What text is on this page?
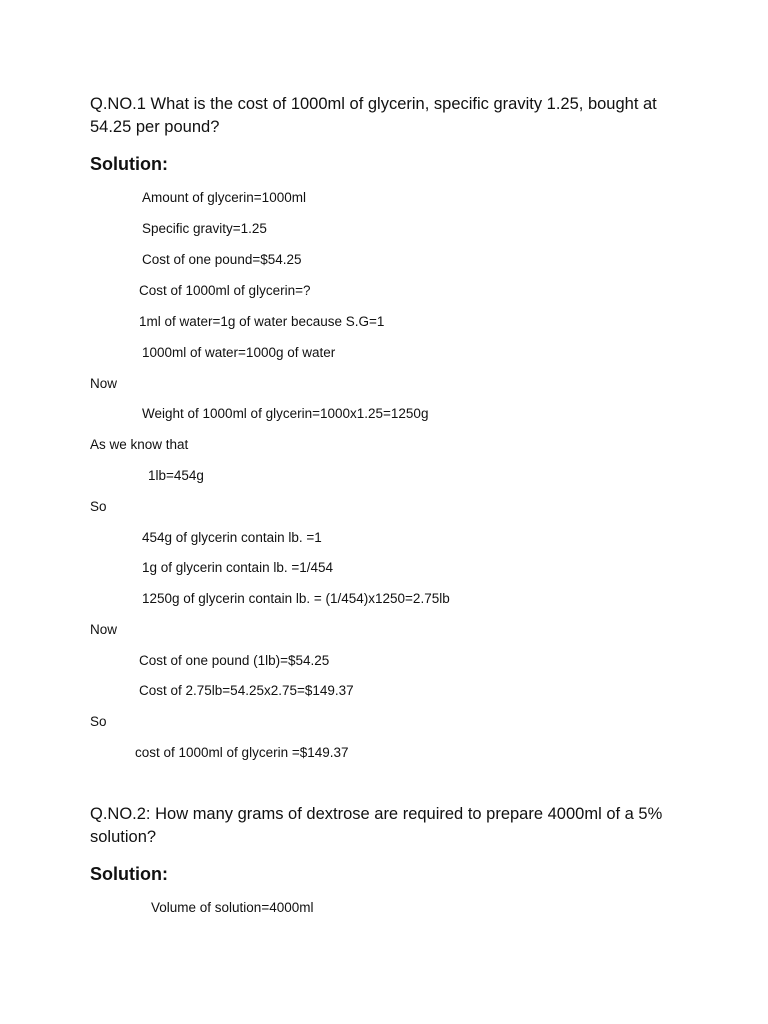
Q.NO.1 What is the cost of 1000ml of glycerin, specific gravity 1.25, bought at 54.25 per pound?
Solution:
Amount of glycerin=1000ml
Specific gravity=1.25
Cost of one pound=$54.25
Cost of 1000ml of glycerin=?
1ml of water=1g of water because S.G=1
1000ml of water=1000g of water
Now
Weight of 1000ml of glycerin=1000x1.25=1250g
As we know that
1lb=454g
So
454g of glycerin contain lb. =1
1g of glycerin contain lb. =1/454
1250g of glycerin contain lb. = (1/454)x1250=2.75lb
Now
Cost of one pound (1lb)=$54.25
Cost of 2.75lb=54.25x2.75=$149.37
So
cost of 1000ml of glycerin =$149.37
Q.NO.2: How many grams of dextrose are required to prepare 4000ml of a 5% solution?
Solution:
Volume of solution=4000ml
